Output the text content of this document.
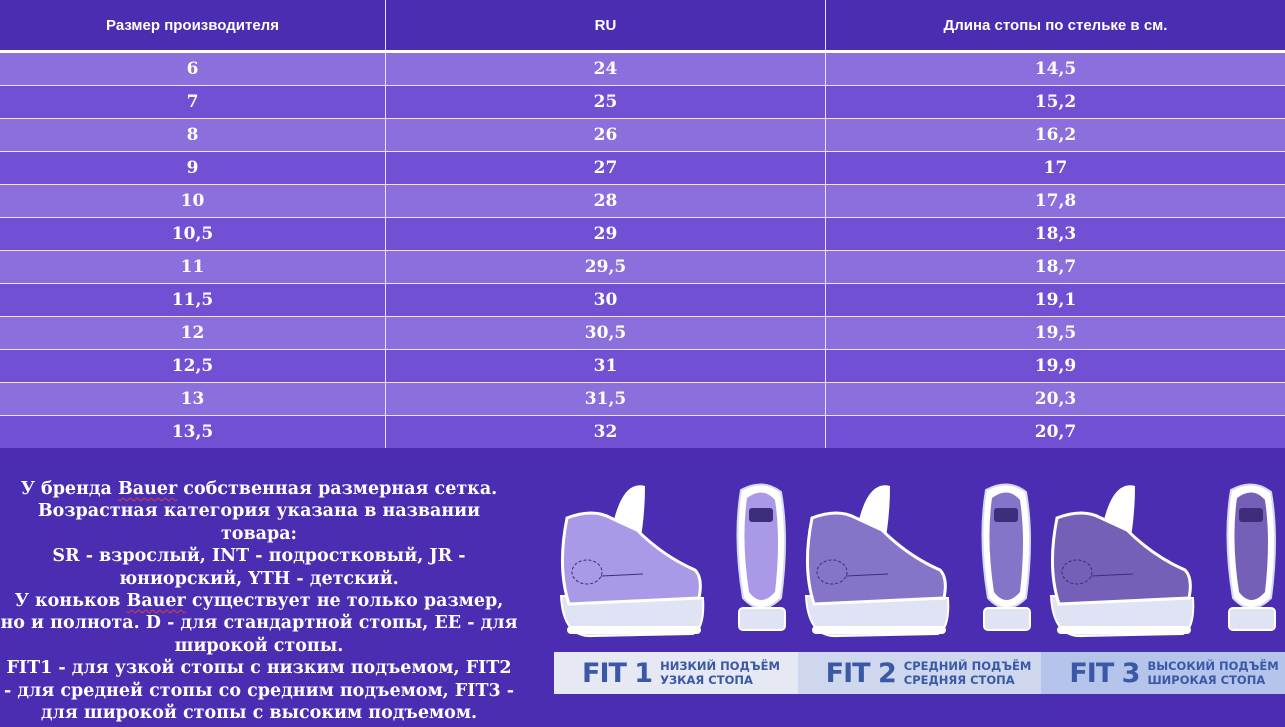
Размер производителя	RU	Длина стопы по стельке в см.
6	24	14,5
7	25	15,2
8	26	16,2
9	27	17
10	28	17,8
10,5	29	18,3
11	29,5	18,7
11,5	30	19,1
12	30,5	19,5
12,5	31	19,9
13	31,5	20,3
13,5	32	20,7
У бренда Bauer собственная размерная сетка.
Возрастная категория указана в названии товара:
SR - взрослый, INT - подростковый, JR - юниорский, YTH - детский.
У коньков Bauer существует не только размер, но и полнота. D - для стандартной стопы, EE - для широкой стопы.
FIT1 - для узкой стопы с низким подъемом, FIT2 - для средней стопы со средним подъемом, FIT3 - для широкой стопы с высоким подъемом.
FIT 1 НИЗКИЙ ПОДЪЁМ
УЗКАЯ СТОПА	FIT 2 СРЕДНИЙ ПОДЪЁМ
СРЕДНЯЯ СТОПА	FIT 3 ВЫСОКИЙ ПОДЪЁМ
ШИРОКАЯ СТОПА
